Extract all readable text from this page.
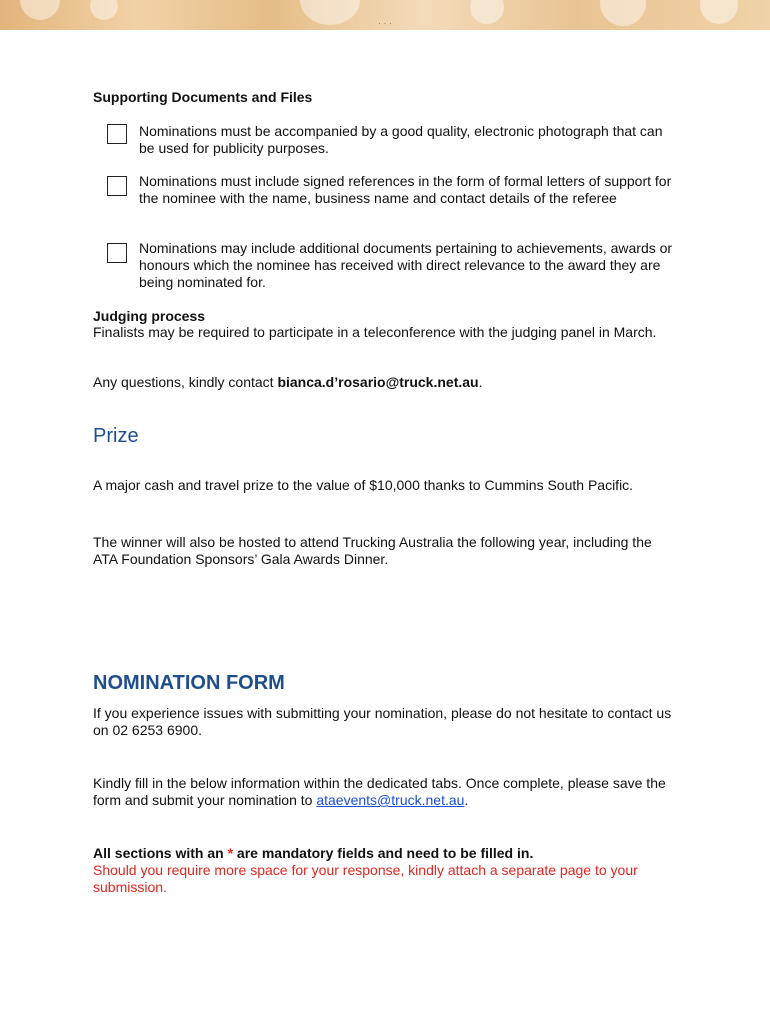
· · ·
Supporting Documents and Files
Nominations must be accompanied by a good quality, electronic photograph that can be used for publicity purposes.
Nominations must include signed references in the form of formal letters of support for the nominee with the name, business name and contact details of the referee
Nominations may include additional documents pertaining to achievements, awards or honours which the nominee has received with direct relevance to the award they are being nominated for.
Judging process
Finalists may be required to participate in a teleconference with the judging panel in March.
Any questions, kindly contact bianca.d’rosario@truck.net.au.
Prize
A major cash and travel prize to the value of $10,000 thanks to Cummins South Pacific.
The winner will also be hosted to attend Trucking Australia the following year, including the ATA Foundation Sponsors’ Gala Awards Dinner.
NOMINATION FORM
If you experience issues with submitting your nomination, please do not hesitate to contact us on 02 6253 6900.
Kindly fill in the below information within the dedicated tabs. Once complete, please save the form and submit your nomination to ataevents@truck.net.au.
All sections with an * are mandatory fields and need to be filled in.
Should you require more space for your response, kindly attach a separate page to your submission.
